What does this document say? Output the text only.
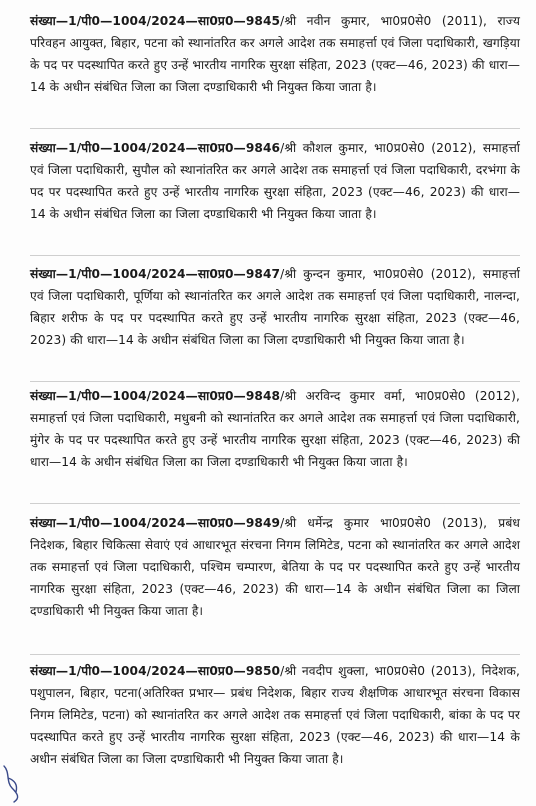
संख्या—1/पी0—1004/2024—सा0प्र0—9845/श्री नवीन कुमार, भा0प्र0से0 (2011), राज्य परिवहन आयुक्त, बिहार, पटना को स्थानांतरित कर अगले आदेश तक समाहर्त्ता एवं जिला पदाधिकारी, खगड़िया के पद पर पदस्थापित करते हुए उन्हें भारतीय नागरिक सुरक्षा संहिता, 2023 (एक्ट—46, 2023) की धारा—14 के अधीन संबंधित जिला का जिला दण्डाधिकारी भी नियुक्त किया जाता है।
संख्या—1/पी0—1004/2024—सा0प्र0—9846/श्री कौशल कुमार, भा0प्र0से0 (2012), समाहर्त्ता एवं जिला पदाधिकारी, सुपौल को स्थानांतरित कर अगले आदेश तक समाहर्त्ता एवं जिला पदाधिकारी, दरभंगा के पद पर पदस्थापित करते हुए उन्हें भारतीय नागरिक सुरक्षा संहिता, 2023 (एक्ट—46, 2023) की धारा—14 के अधीन संबंधित जिला का जिला दण्डाधिकारी भी नियुक्त किया जाता है।
संख्या—1/पी0—1004/2024—सा0प्र0—9847/श्री कुन्दन कुमार, भा0प्र0से0 (2012), समाहर्त्ता एवं जिला पदाधिकारी, पूर्णिया को स्थानांतरित कर अगले आदेश तक समाहर्त्ता एवं जिला पदाधिकारी, नालन्दा, बिहार शरीफ के पद पर पदस्थापित करते हुए उन्हें भारतीय नागरिक सुरक्षा संहिता, 2023 (एक्ट—46, 2023) की धारा—14 के अधीन संबंधित जिला का जिला दण्डाधिकारी भी नियुक्त किया जाता है।
संख्या—1/पी0—1004/2024—सा0प्र0—9848/श्री अरविन्द कुमार वर्मा, भा0प्र0से0 (2012), समाहर्त्ता एवं जिला पदाधिकारी, मधुबनी को स्थानांतरित कर अगले आदेश तक समाहर्त्ता एवं जिला पदाधिकारी, मुंगेर के पद पर पदस्थापित करते हुए उन्हें भारतीय नागरिक सुरक्षा संहिता, 2023 (एक्ट—46, 2023) की धारा—14 के अधीन संबंधित जिला का जिला दण्डाधिकारी भी नियुक्त किया जाता है।
संख्या—1/पी0—1004/2024—सा0प्र0—9849/श्री धर्मेन्द्र कुमार भा0प्र0से0 (2013), प्रबंध निदेशक, बिहार चिकित्सा सेवाएं एवं आधारभूत संरचना निगम लिमिटेड, पटना को स्थानांतरित कर अगले आदेश तक समाहर्त्ता एवं जिला पदाधिकारी, पश्चिम चम्पारण, बेतिया के पद पर पदस्थापित करते हुए उन्हें भारतीय नागरिक सुरक्षा संहिता, 2023 (एक्ट—46, 2023) की धारा—14 के अधीन संबंधित जिला का जिला दण्डाधिकारी भी नियुक्त किया जाता है।
संख्या—1/पी0—1004/2024—सा0प्र0—9850/श्री नवदीप शुक्ला, भा0प्र0से0 (2013), निदेशक, पशुपालन, बिहार, पटना(अतिरिक्त प्रभार— प्रबंध निदेशक, बिहार राज्य शैक्षणिक आधारभूत संरचना विकास निगम लिमिटेड, पटना) को स्थानांतरित कर अगले आदेश तक समाहर्त्ता एवं जिला पदाधिकारी, बांका के पद पर पदस्थापित करते हुए उन्हें भारतीय नागरिक सुरक्षा संहिता, 2023 (एक्ट—46, 2023) की धारा—14 के अधीन संबंधित जिला का जिला दण्डाधिकारी भी नियुक्त किया जाता है।
